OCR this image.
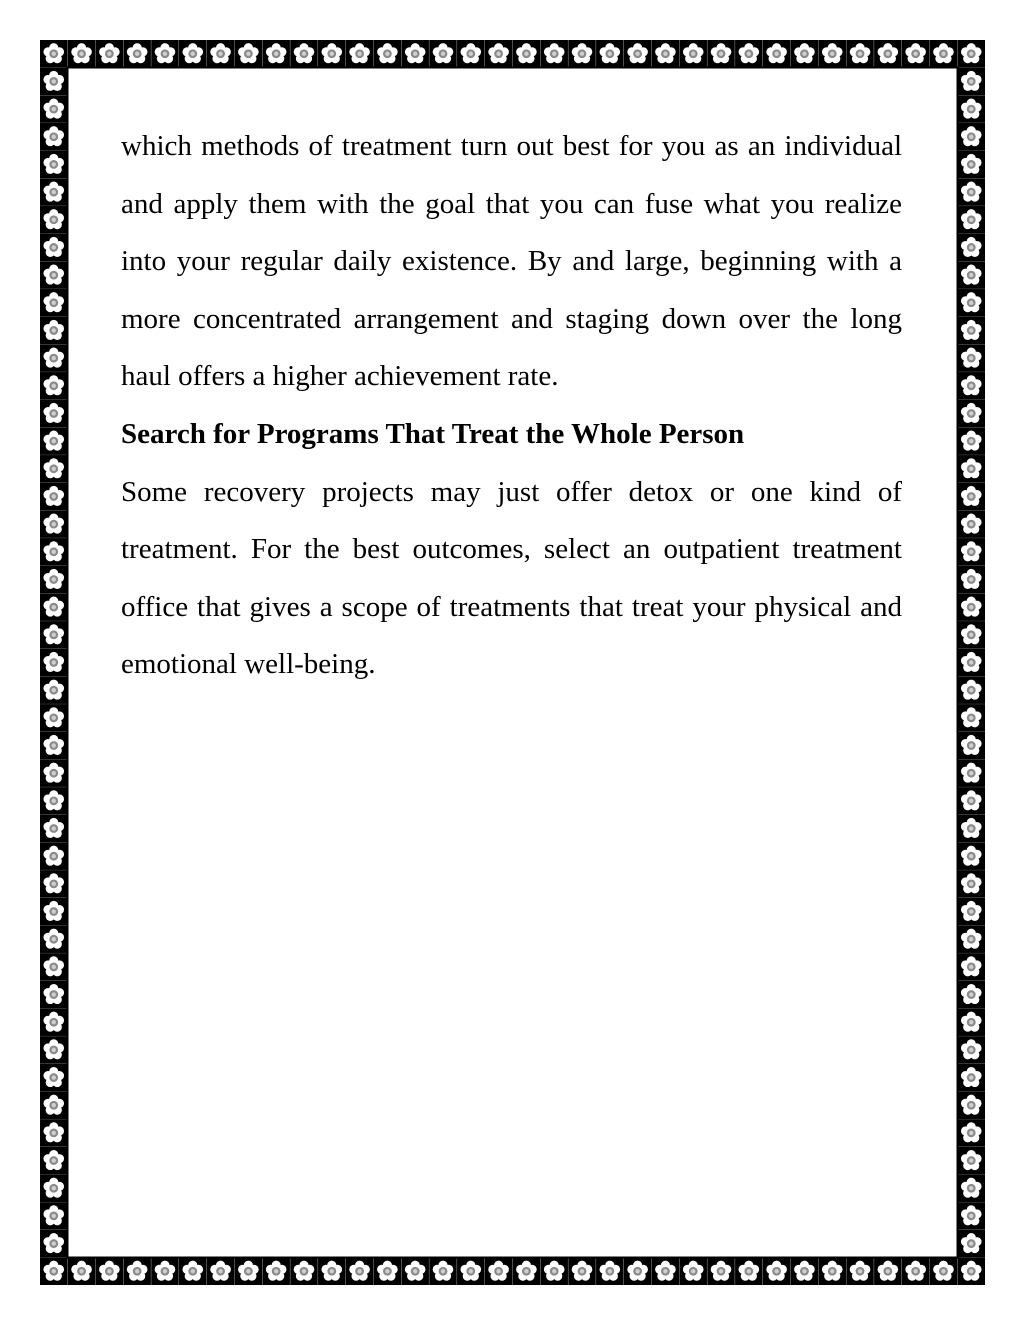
which methods of treatment turn out best for you as an individual and apply them with the goal that you can fuse what you realize into your regular daily existence. By and large, beginning with a more concentrated arrangement and staging down over the long haul offers a higher achievement rate.

Search for Programs That Treat the Whole Person

Some recovery projects may just offer detox or one kind of treatment. For the best outcomes, select an outpatient treatment office that gives a scope of treatments that treat your physical and emotional well-being.
